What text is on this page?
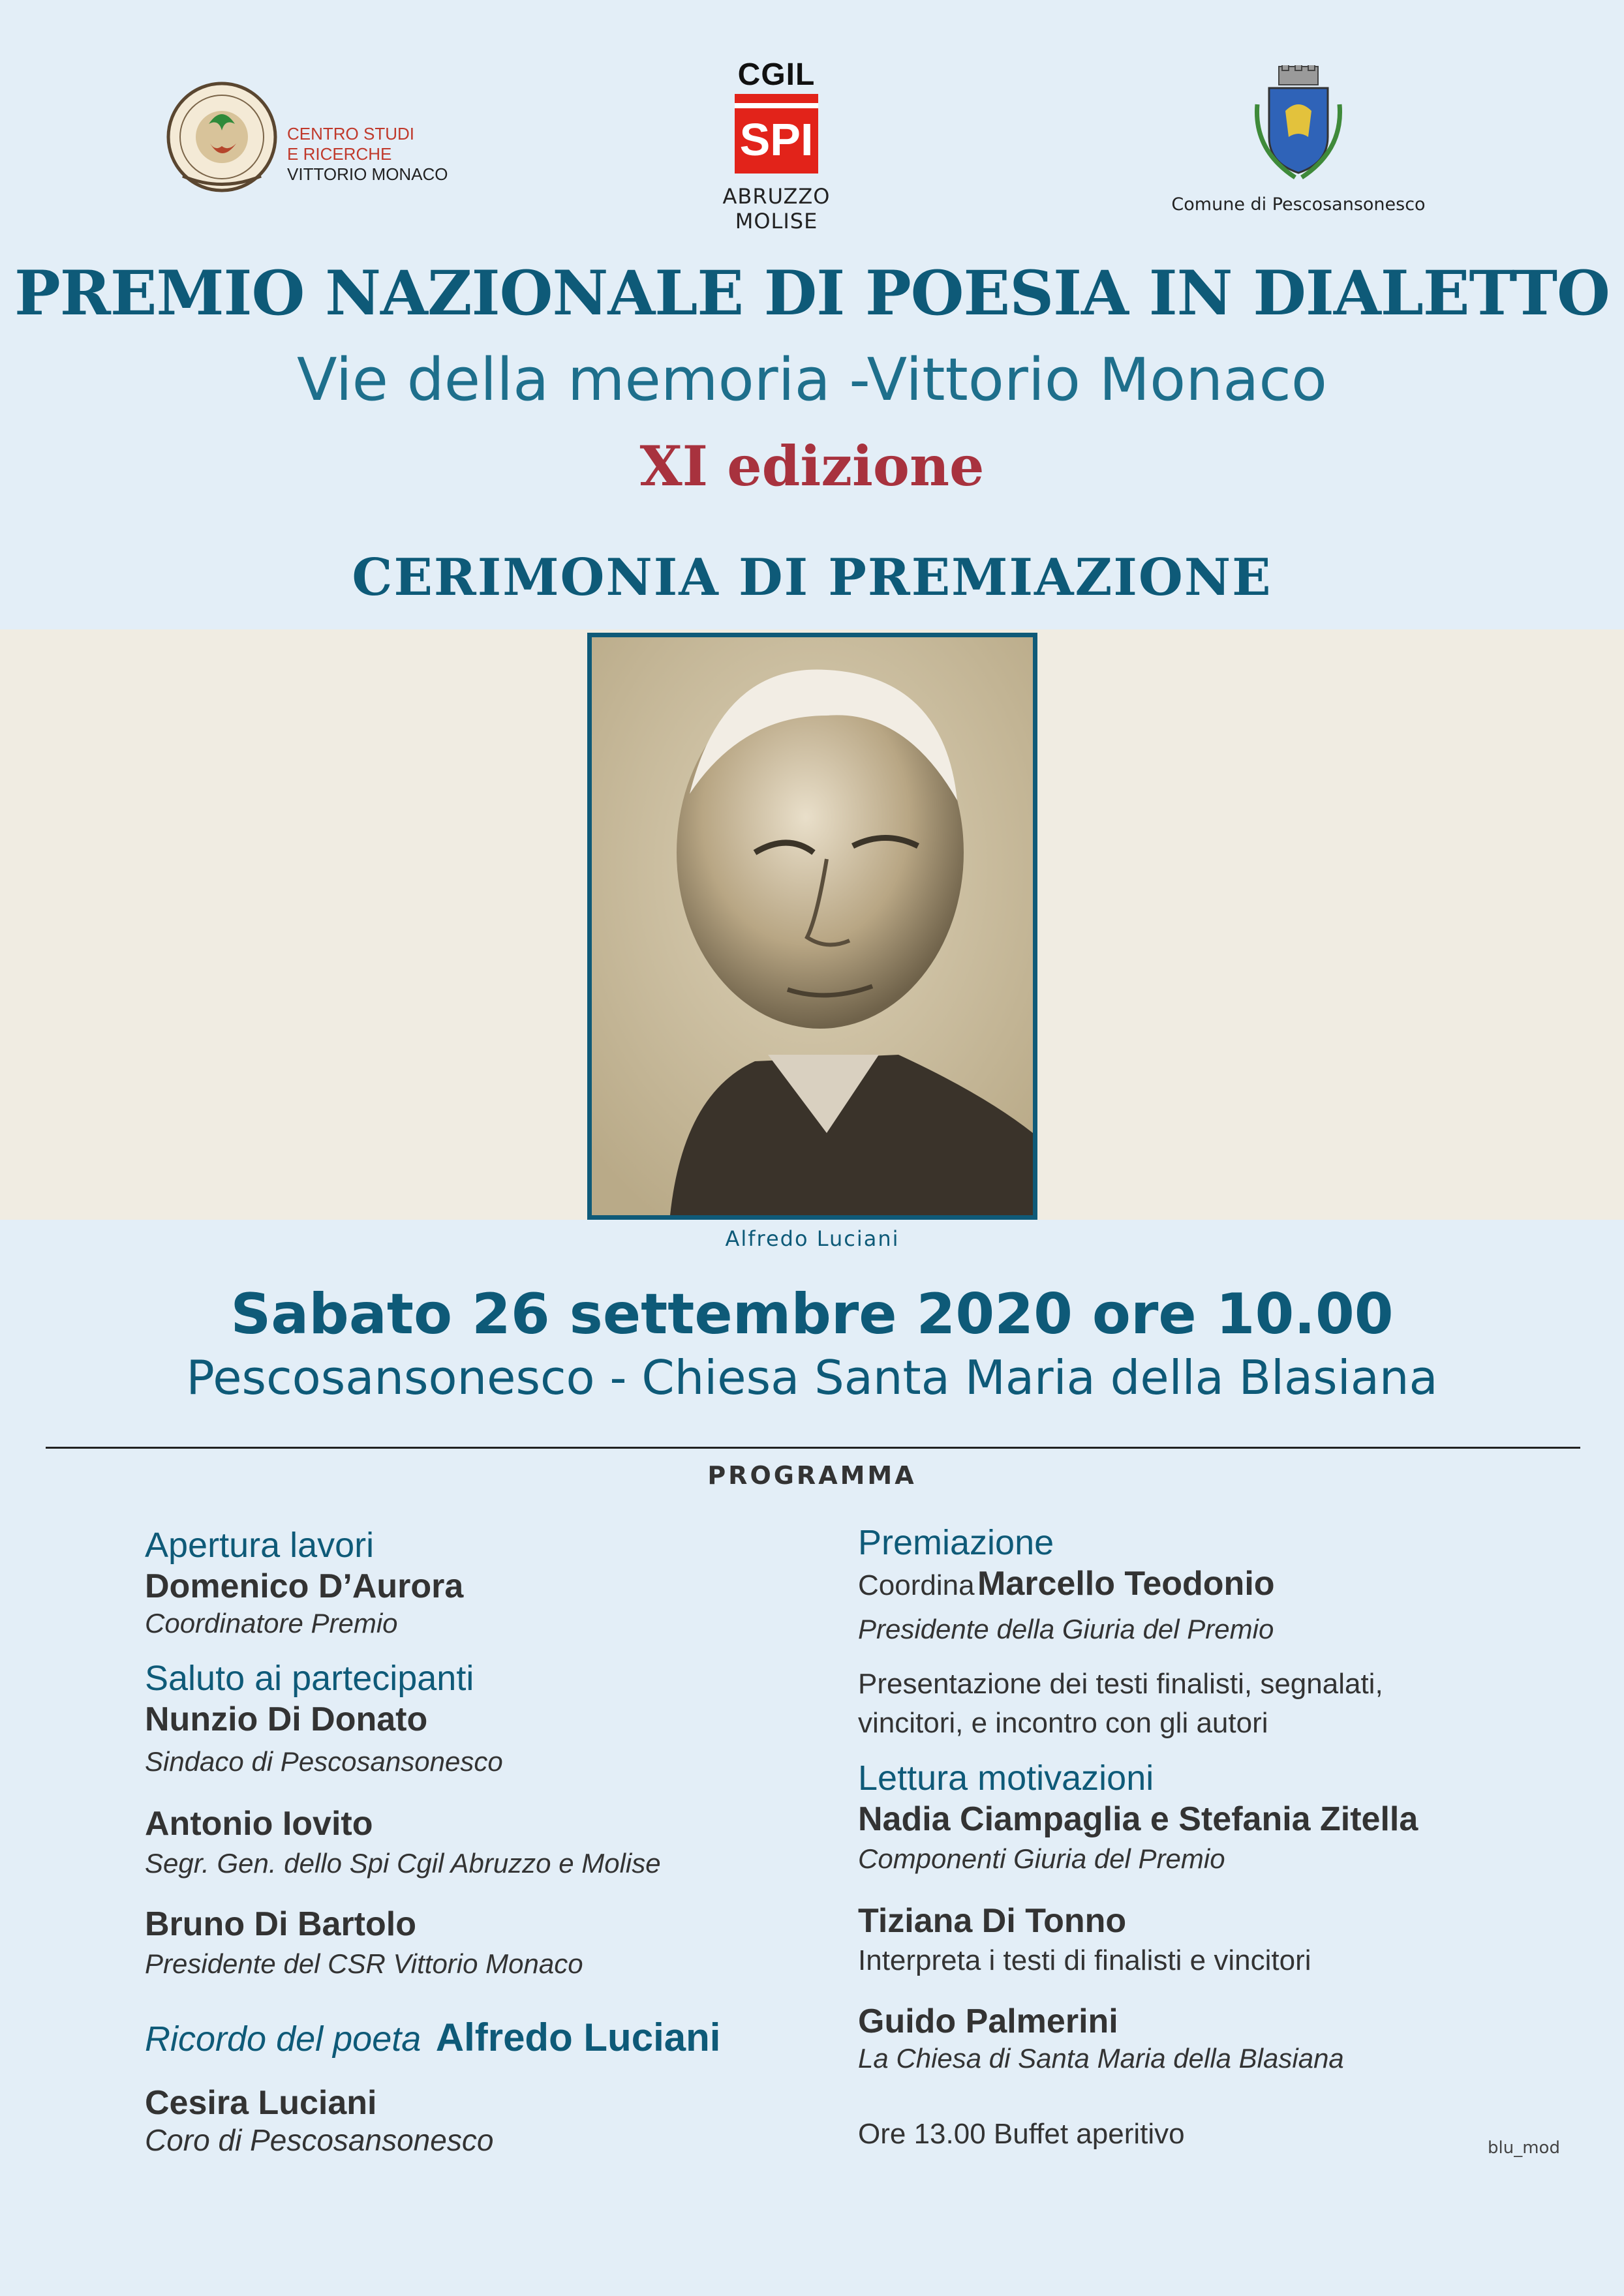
CENTRO STUDI
E RICERCHE
VITTORIO MONACO
CGIL
SPI
ABRUZZO MOLISE
Comune di Pescosansonesco
PREMIO NAZIONALE DI POESIA IN DIALETTO
Vie della memoria -Vittorio Monaco
XI edizione
CERIMONIA DI PREMIAZIONE
Alfredo Luciani
Sabato 26 settembre 2020 ore 10.00
Pescosansonesco - Chiesa Santa Maria della Blasiana
PROGRAMMA
Apertura lavori
Domenico D’Aurora
Coordinatore Premio
Saluto ai partecipanti
Nunzio Di Donato
Sindaco di Pescosansonesco
Antonio Iovito
Segr. Gen. dello Spi Cgil Abruzzo e Molise
Bruno Di Bartolo
Presidente del CSR Vittorio Monaco
Ricordo del poeta Alfredo Luciani
Cesira Luciani
Coro di Pescosansonesco
Premiazione
Coordina Marcello Teodonio
Presidente della Giuria del Premio
Presentazione dei testi finalisti, segnalati,
vincitori, e incontro con gli autori
Lettura motivazioni
Nadia Ciampaglia e Stefania Zitella
Componenti Giuria del Premio
Tiziana Di Tonno
Interpreta i testi di finalisti e vincitori
Guido Palmerini
La Chiesa di Santa Maria della Blasiana
Ore 13.00 Buffet aperitivo	blu_mod
